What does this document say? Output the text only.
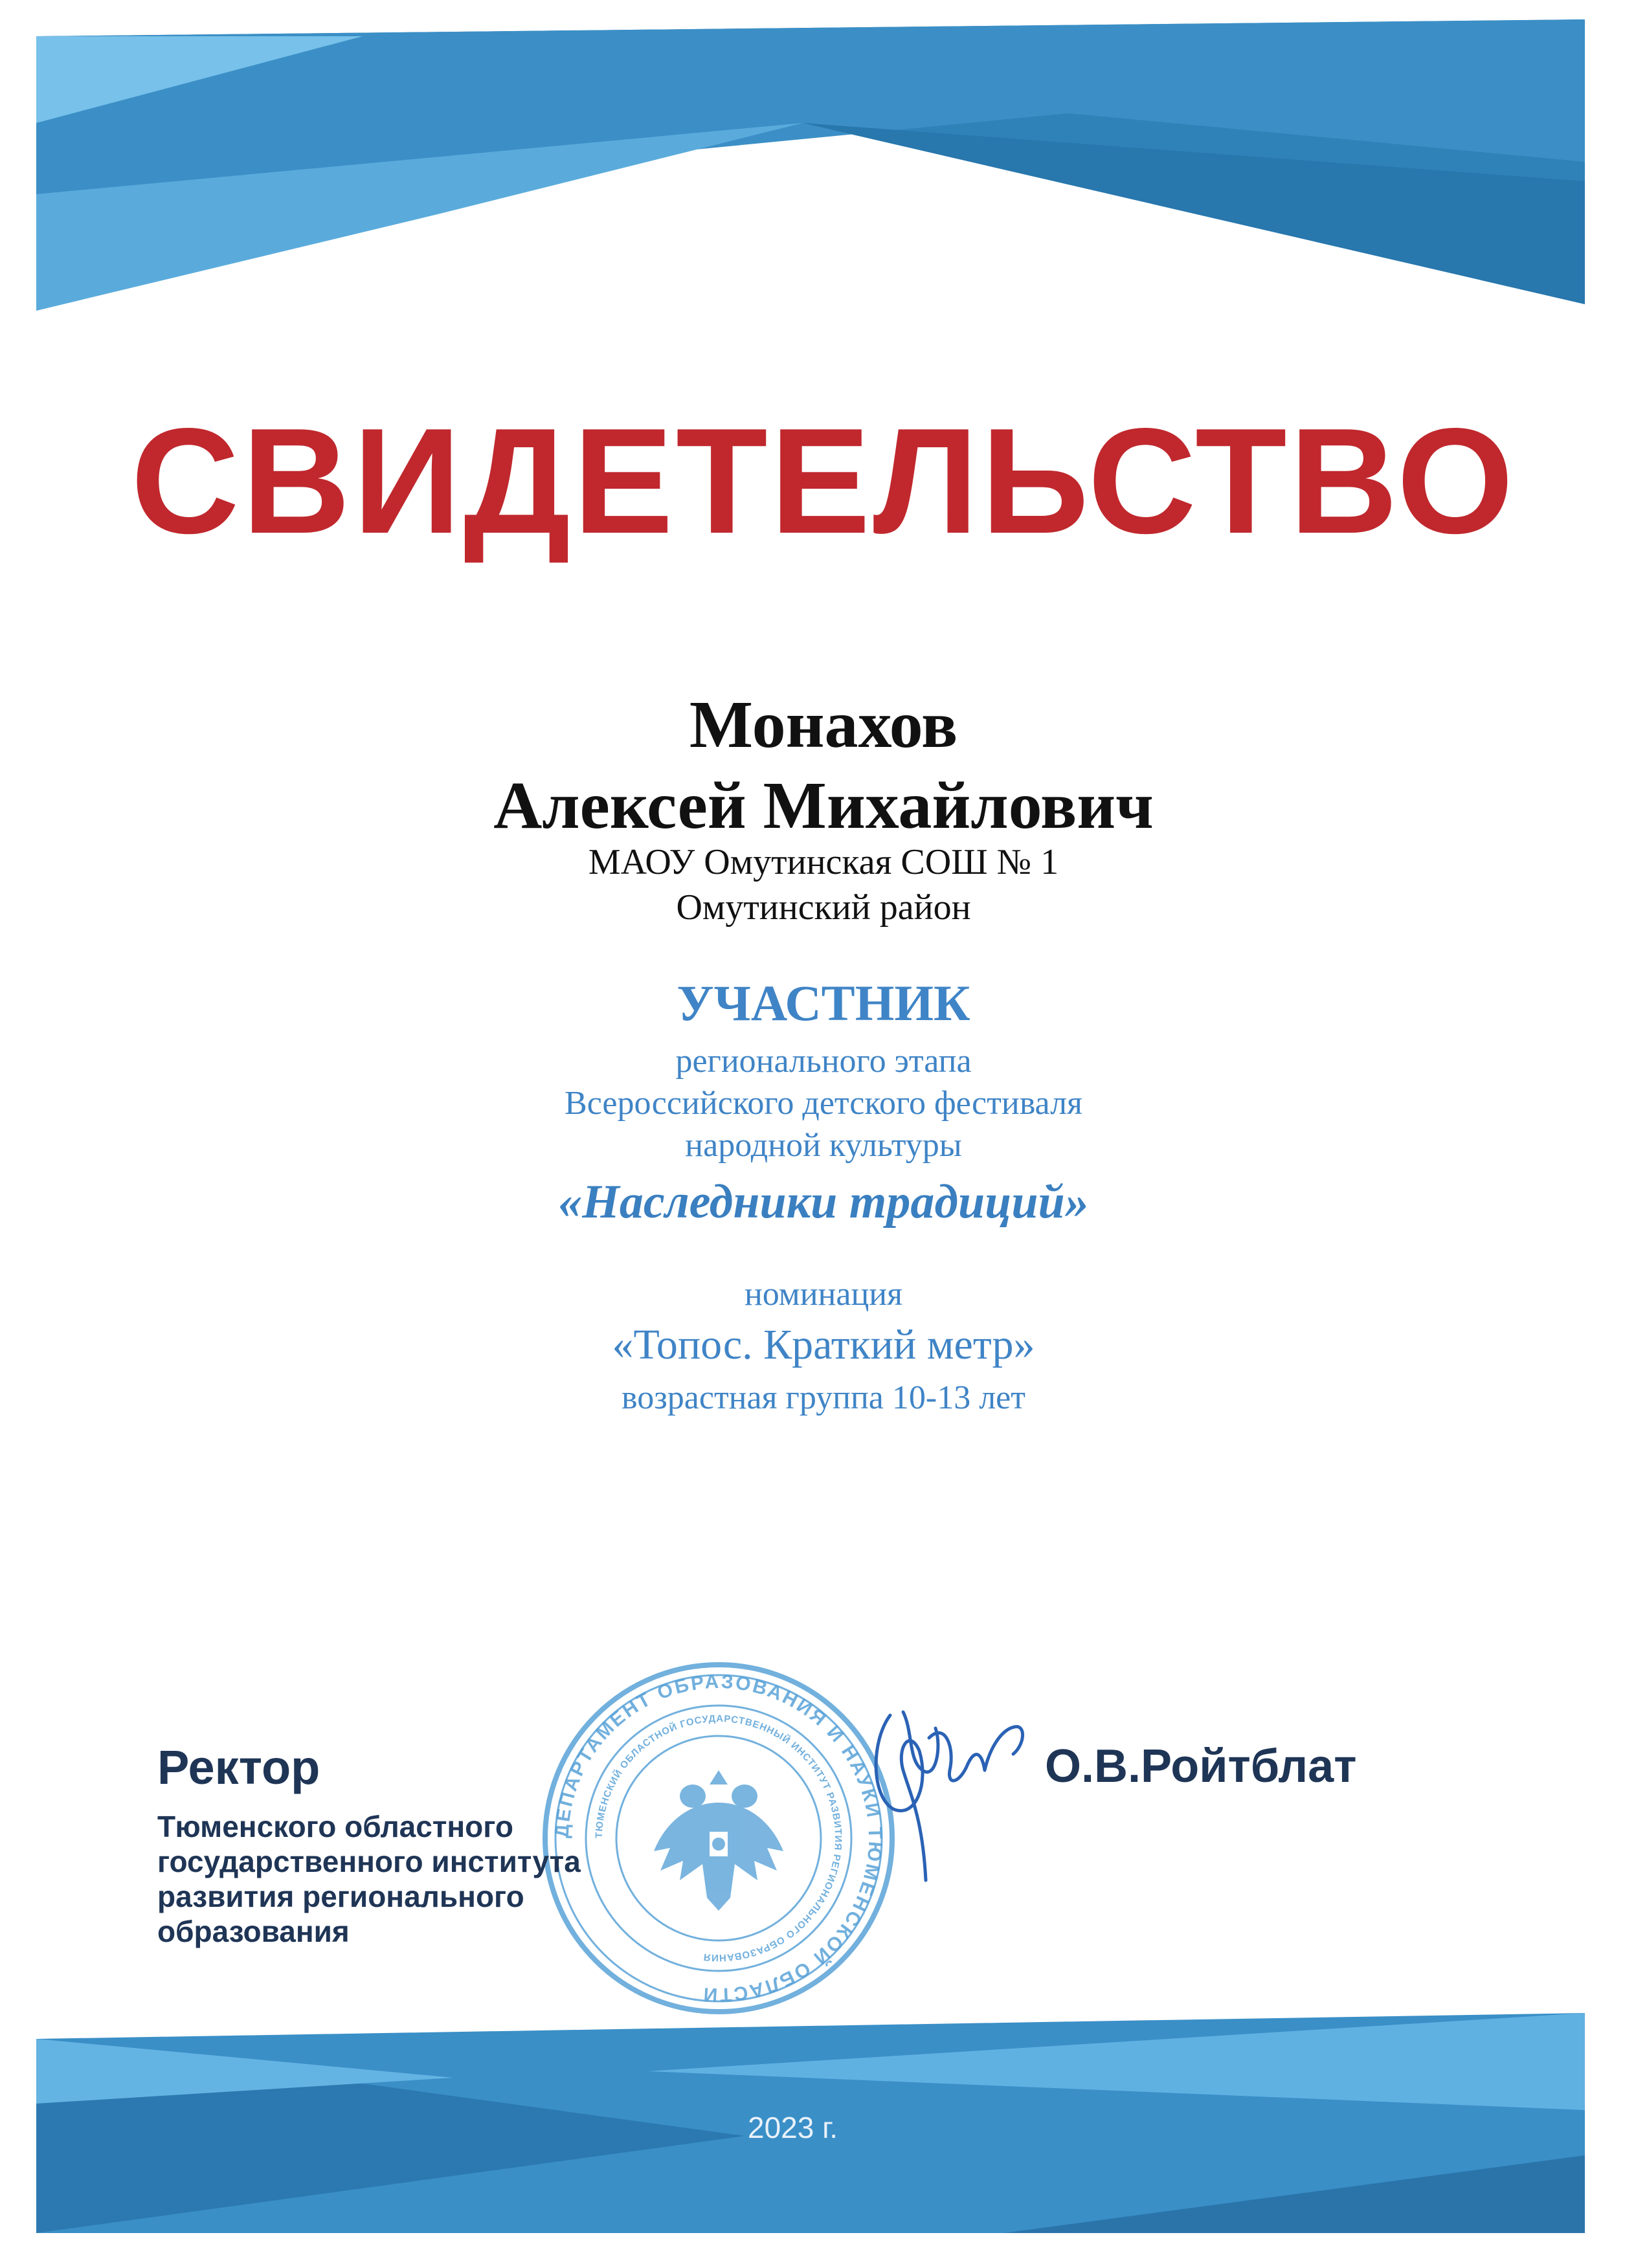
СВИДЕТЕЛЬСТВО
Монахов
Алексей Михайлович
МАОУ Омутинская СОШ № 1
Омутинский район
УЧАСТНИК
регионального этапа
Всероссийского детского фестиваля
народной культуры
«Наследники традиций»
номинация
«Топос. Краткий метр»
возрастная группа 10-13 лет
ДЕПАРТАМЕНТ ОБРАЗОВАНИЯ И НАУКИ ТЮМЕНСКОЙ ОБЛАСТИ
ТЮМЕНСКИЙ ОБЛАСТНОЙ ГОСУДАРСТВЕННЫЙ ИНСТИТУТ РАЗВИТИЯ РЕГИОНАЛЬНОГО ОБРАЗОВАНИЯ
Ректор
Тюменского областного
государственного института
развития регионального
образования
О.В.Ройтблат
2023 г.
